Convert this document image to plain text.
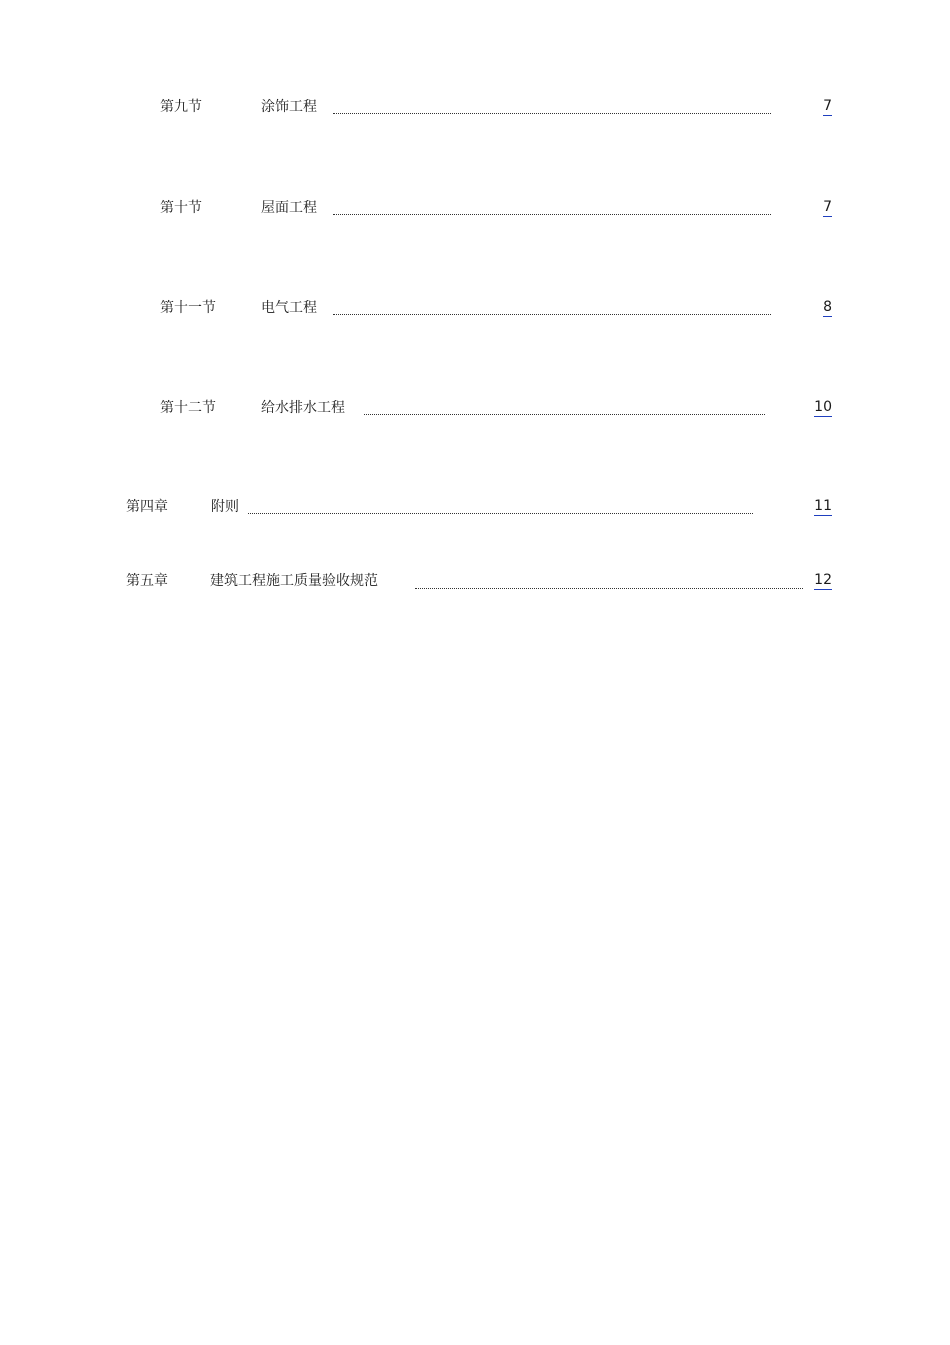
第九节	涂饰工程	7
第十节	屋面工程	7
第十一节	电气工程	8
第十二节	给水排水工程	10
第四章	附则	11
第五章	建筑工程施工质量验收规范	12
